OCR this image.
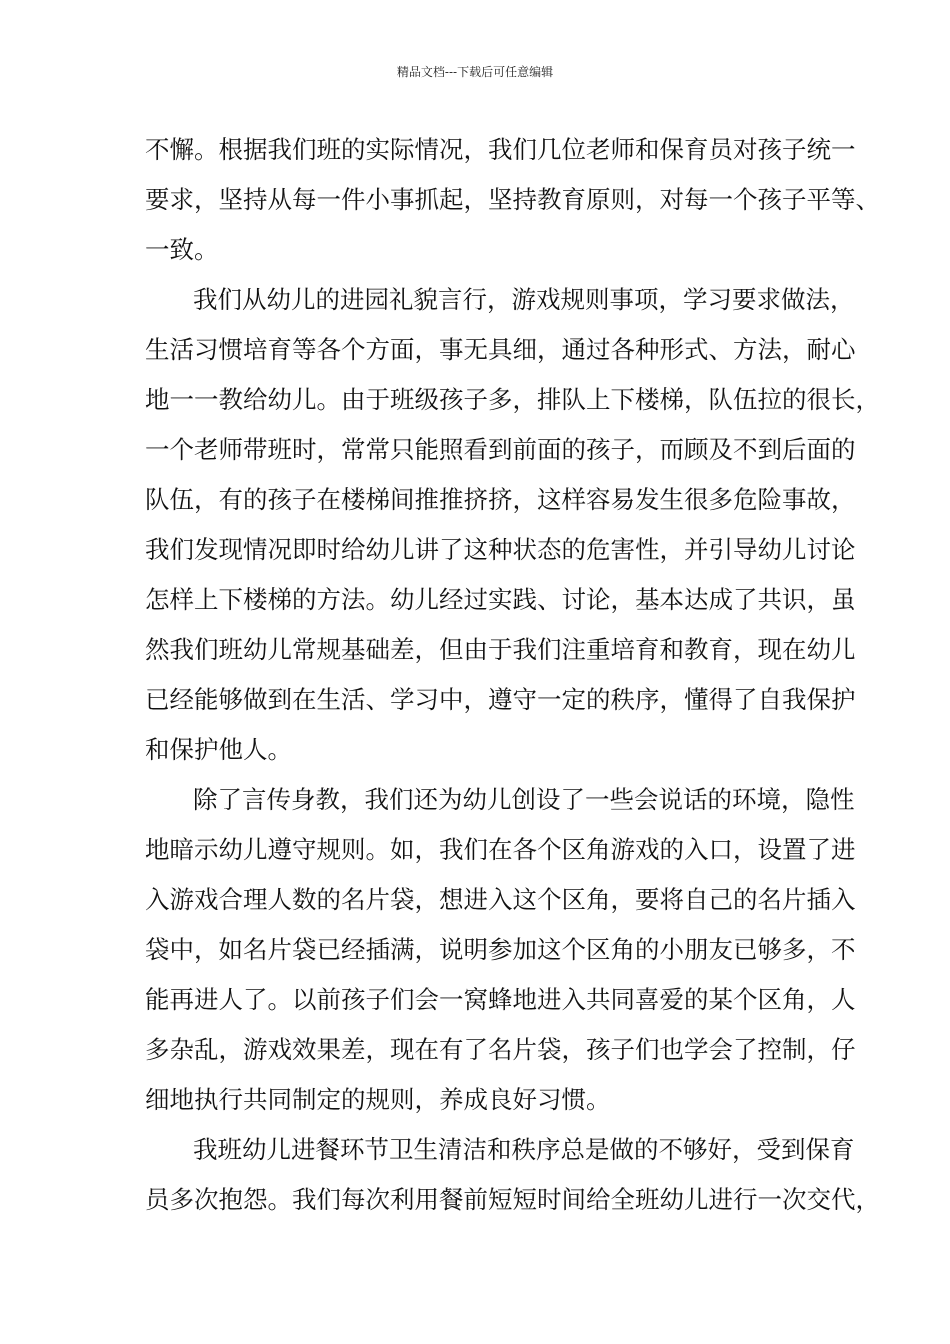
精品文档---下载后可任意编辑
不懈。根据我们班的实际情况，我们几位老师和保育员对孩子统一
要求，坚持从每一件小事抓起，坚持教育原则，对每一个孩子平等、
一致。
我们从幼儿的进园礼貌言行，游戏规则事项，学习要求做法，
生活习惯培育等各个方面，事无具细，通过各种形式、方法，耐心
地一一教给幼儿。由于班级孩子多，排队上下楼梯，队伍拉的很长，
一个老师带班时，常常只能照看到前面的孩子，而顾及不到后面的
队伍，有的孩子在楼梯间推推挤挤，这样容易发生很多危险事故，
我们发现情况即时给幼儿讲了这种状态的危害性，并引导幼儿讨论
怎样上下楼梯的方法。幼儿经过实践、讨论，基本达成了共识，虽
然我们班幼儿常规基础差，但由于我们注重培育和教育，现在幼儿
已经能够做到在生活、学习中，遵守一定的秩序，懂得了自我保护
和保护他人。
除了言传身教，我们还为幼儿创设了一些会说话的环境，隐性
地暗示幼儿遵守规则。如，我们在各个区角游戏的入口，设置了进
入游戏合理人数的名片袋，想进入这个区角，要将自己的名片插入
袋中，如名片袋已经插满，说明参加这个区角的小朋友已够多，不
能再进人了。以前孩子们会一窝蜂地进入共同喜爱的某个区角，人
多杂乱，游戏效果差，现在有了名片袋，孩子们也学会了控制，仔
细地执行共同制定的规则，养成良好习惯。
我班幼儿进餐环节卫生清洁和秩序总是做的不够好，受到保育
员多次抱怨。我们每次利用餐前短短时间给全班幼儿进行一次交代，
